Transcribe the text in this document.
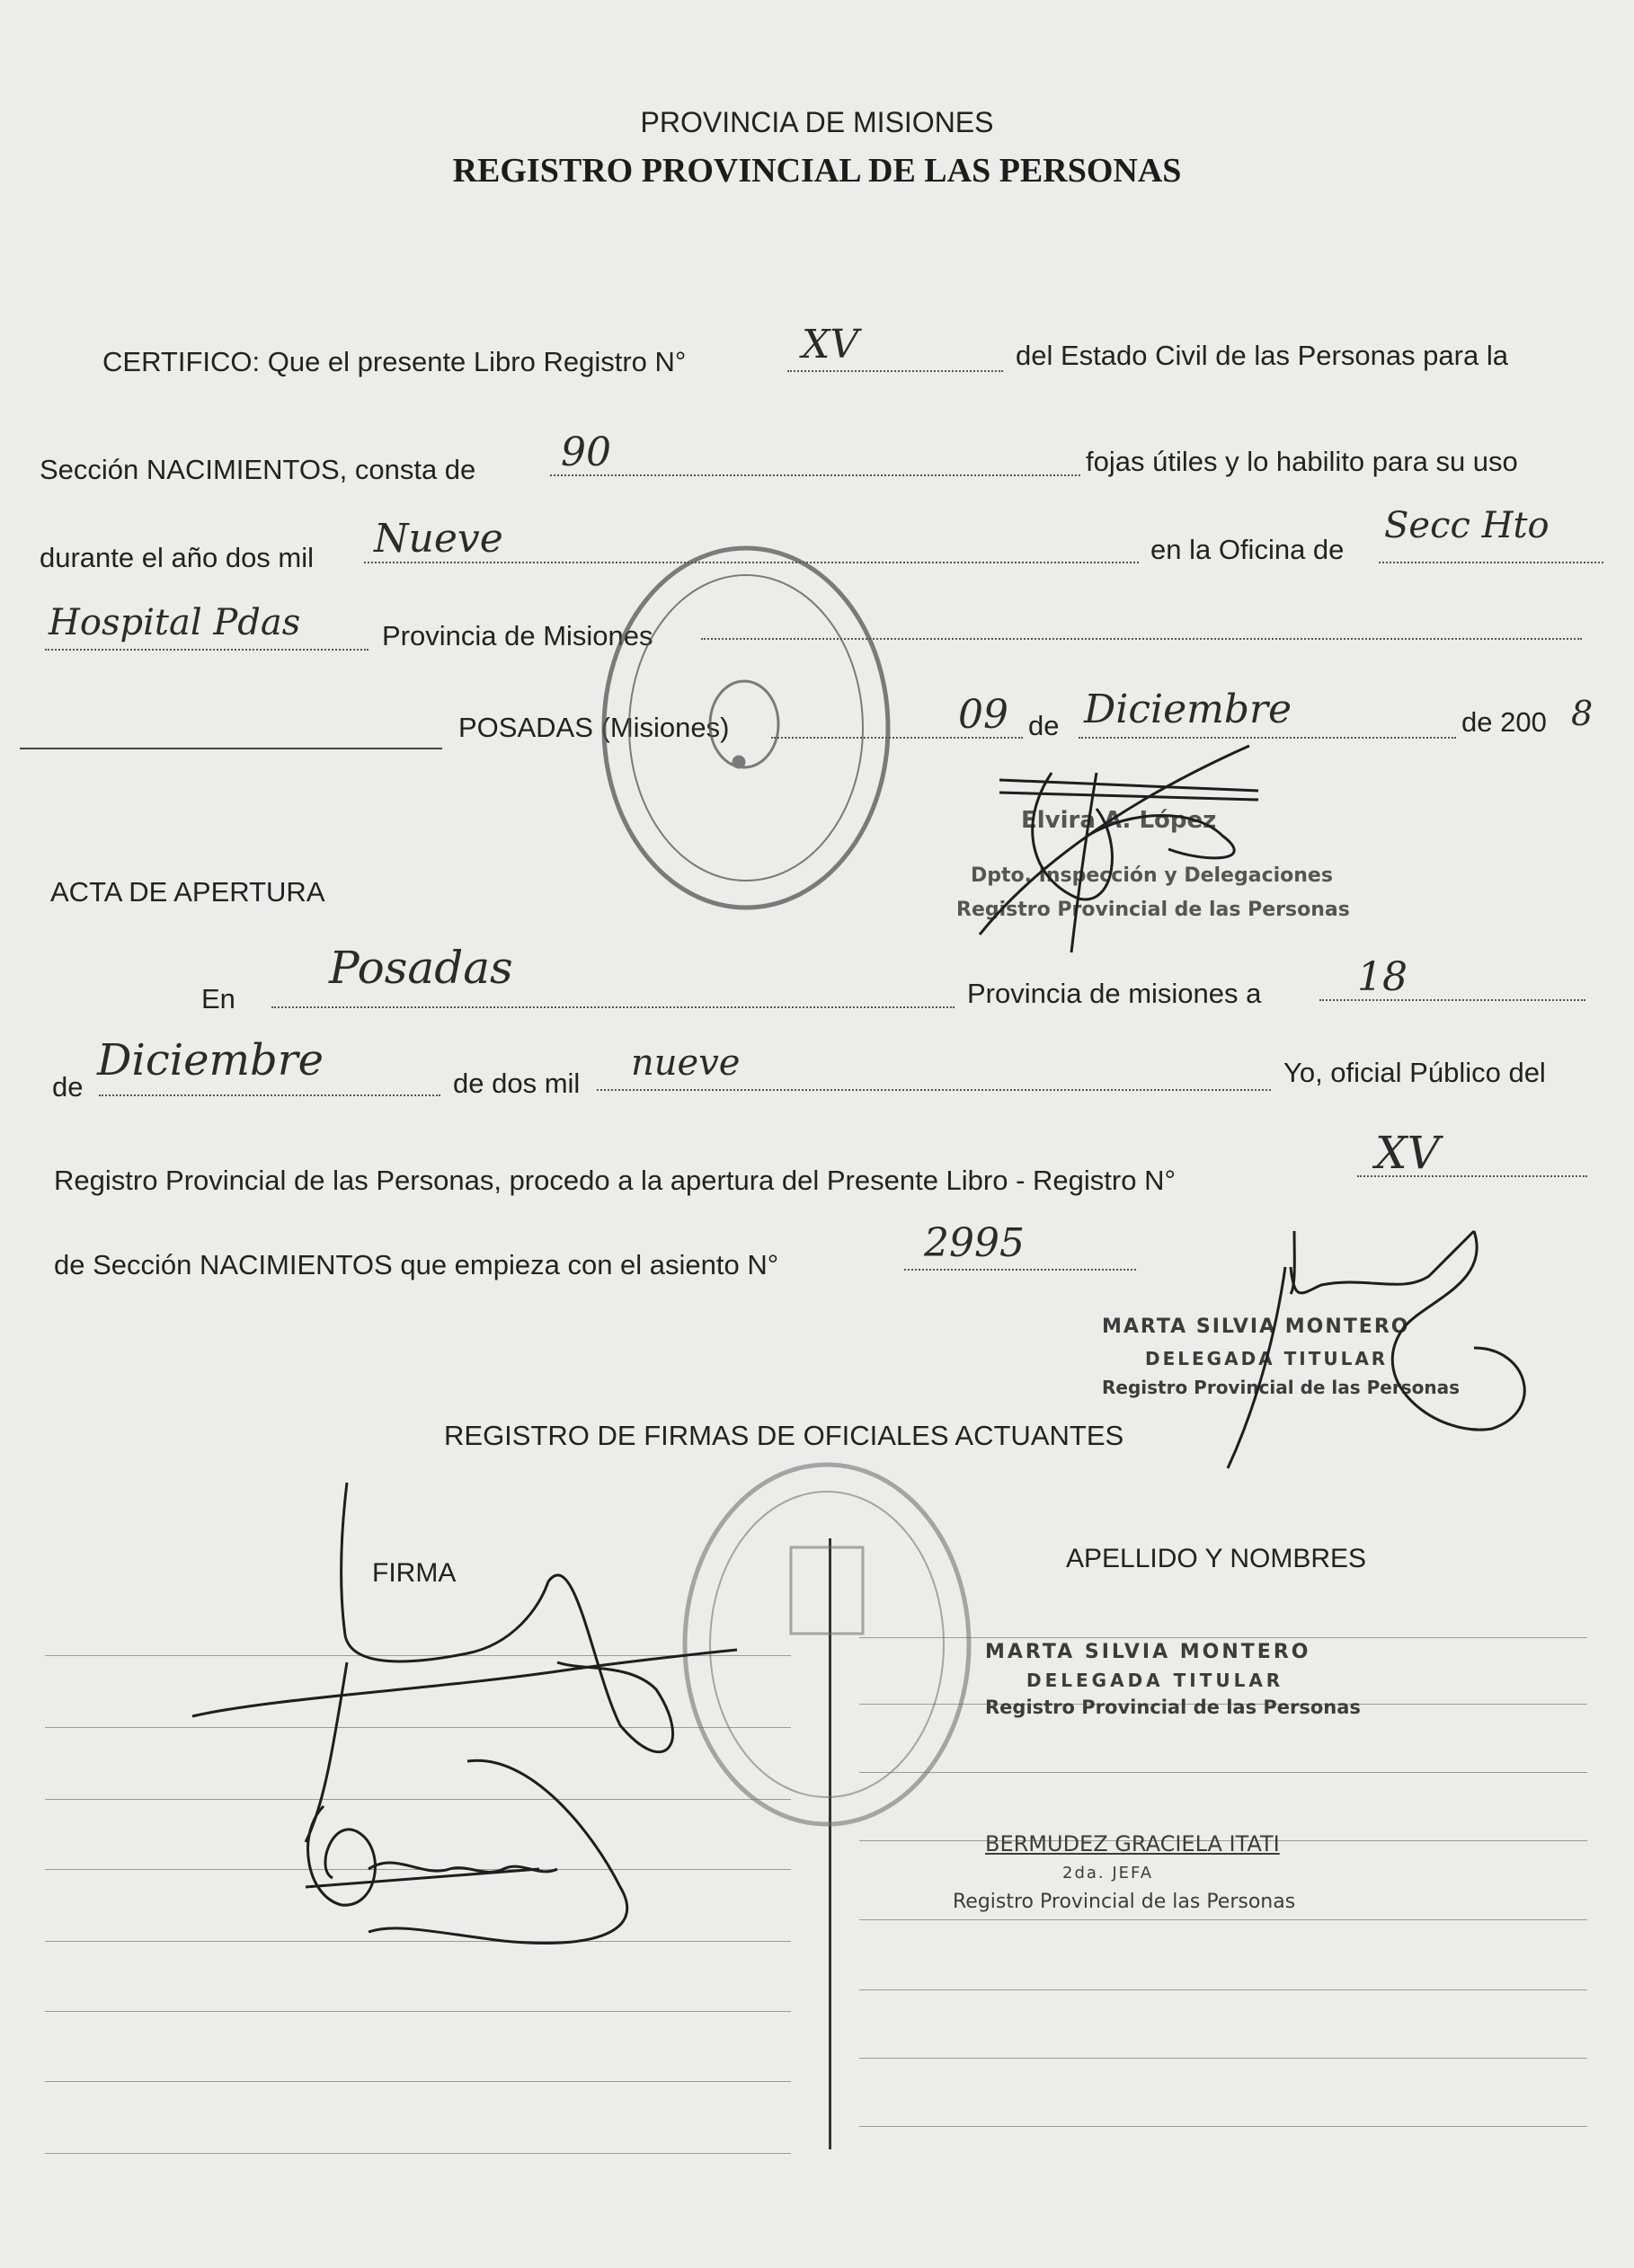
PROVINCIA DE MISIONES
REGISTRO PROVINCIAL DE LAS PERSONAS
CERTIFICO: Que el presente Libro Registro N°	XV	del Estado Civil de las Personas para la
Sección NACIMIENTOS, consta de 90	fojas útiles y lo habilito para su uso
durante el año dos mil Nueve	en la Oficina de
Secc Hto
Hospital Pdas	Provincia de Misiones
POSADAS (Misiones)	09 de Diciembre	de 200 8
Elvira A. López
Dpto. Inspección y Delegaciones
Registro Provincial de las Personas
ACTA DE APERTURA
En
Posadas	Provincia de misiones a 18
de
Diciembre	de dos mil nueve	Yo, oficial Público del
Registro Provincial de las Personas, procedo a la apertura del Presente Libro - Registro N°
XV
de Sección NACIMIENTOS que empieza con el asiento N°	2995
MARTA SILVIA MONTERO
DELEGADA TITULAR
Registro Provincial de las Personas
REGISTRO DE FIRMAS DE OFICIALES ACTUANTES
FIRMA	APELLIDO Y NOMBRES
MARTA SILVIA MONTERO
DELEGADA TITULAR
Registro Provincial de las Personas
BERMUDEZ GRACIELA ITATI
2da. JEFA
Registro Provincial de las Personas
